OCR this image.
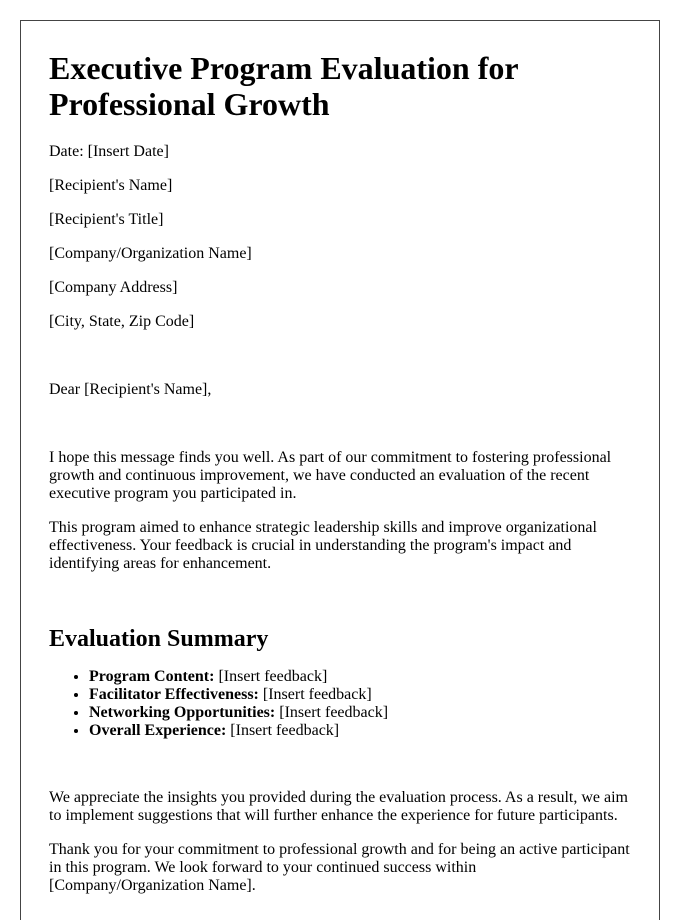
Executive Program Evaluation for Professional Growth
Date: [Insert Date]
[Recipient's Name]
[Recipient's Title]
[Company/Organization Name]
[Company Address]
[City, State, Zip Code]
Dear [Recipient's Name],

I hope this message finds you well. As part of our commitment to fostering professional growth and continuous improvement, we have conducted an evaluation of the recent executive program you participated in.

This program aimed to enhance strategic leadership skills and improve organizational effectiveness. Your feedback is crucial in understanding the program's impact and identifying areas for enhancement.

Evaluation Summary
• Program Content: [Insert feedback]
• Facilitator Effectiveness: [Insert feedback]
• Networking Opportunities: [Insert feedback]
• Overall Experience: [Insert feedback]

We appreciate the insights you provided during the evaluation process. As a result, we aim to implement suggestions that will further enhance the experience for future participants.

Thank you for your commitment to professional growth and for being an active participant in this program. We look forward to your continued success within [Company/Organization Name].
